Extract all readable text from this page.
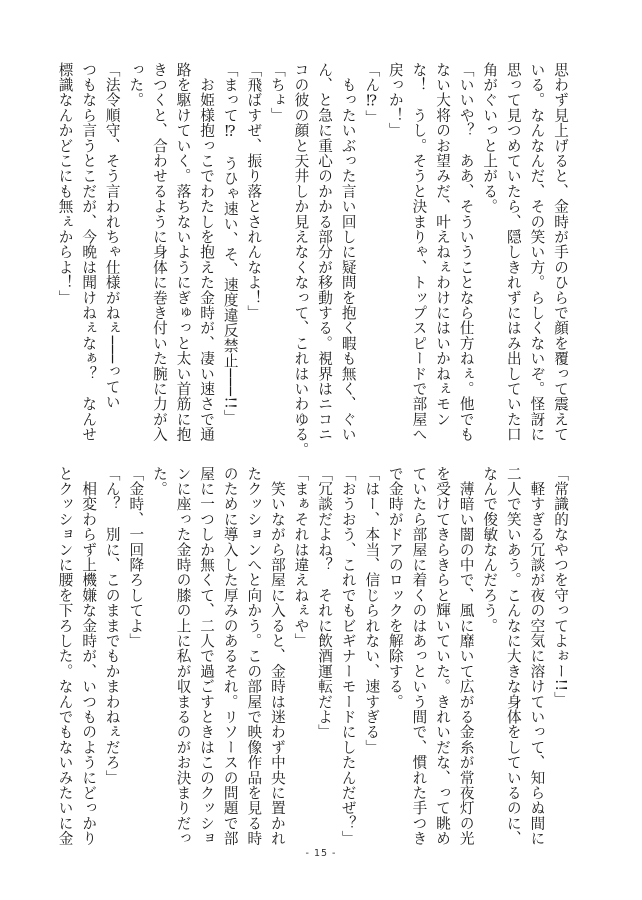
思わず見上げると、金時が手のひらで顔を覆って震えて
いる。なんなんだ、その笑い方。らしくないぞ。怪訝に
思って見つめていたら、隠しきれずにはみ出していた口
角がぐいっと上がる。
「いいや？　ああ、そういうことなら仕方ねぇ。他でも
ない大将のお望みだ、叶えねぇわけにはいかねぇモン
な！　うし。そうと決まりゃ、トップスピードで部屋へ
戻っか！」
「ん⁉︎」
　もったいぶった言い回しに疑問を抱く暇も無く、ぐい
ん、と急に重心のかかる部分が移動する。視界はニコニ
コの彼の顔と天井しか見えなくなって、これはいわゆる。
「ちょ」
「飛ばすぜ、振り落とされんなよ！」
「まって⁉︎　うひゃ速い、そ、速度違反禁止───!!」
　お姫様抱っこでわたしを抱えた金時が、凄い速さで通
路を駆けていく。落ちないようにぎゅっと太い首筋に抱
きつくと、合わせるように身体に巻き付いた腕に力が入
った。
「法令順守、そう言われちゃ仕様がねぇ───ってい
つもなら言うとこだが、今晩は聞けねぇなぁ？　なんせ
標識なんかどこにも無ぇからよ！」
「常識的なやつを守ってよぉー!!」
　軽すぎる冗談が夜の空気に溶けていって、知らぬ間に
二人で笑いあう。こんなに大きな身体をしているのに、
なんで俊敏なんだろう。
　薄暗い闇の中で、風に靡いて広がる金糸が常夜灯の光
を受けてきらきらと輝いていた。きれいだな、って眺め
ていたら部屋に着くのはあっという間で、慣れた手つき
で金時がドアのロックを解除する。
「はー、本当、信じられない、速すぎる」
「おうおう、これでもビギナーモードにしたんだぜ？」
「冗談だよね？　それに飲酒運転だよ」
「まぁそれは違えねぇや」
　笑いながら部屋に入ると、金時は迷わず中央に置かれ
たクッションへと向かう。この部屋で映像作品を見る時
のために導入した厚みのあるそれ。リソースの問題で部
屋に一つしか無くて、二人で過ごすときはこのクッショ
ンに座った金時の膝の上に私が収まるのがお決まりだっ
た。
「金時、一回降ろしてよ」
「ん？　別に、このままでもかまわねぇだろ」
　相変わらず上機嫌な金時が、いつものようにどっかり
とクッションに腰を下ろした。なんでもないみたいに金
- 15 -
